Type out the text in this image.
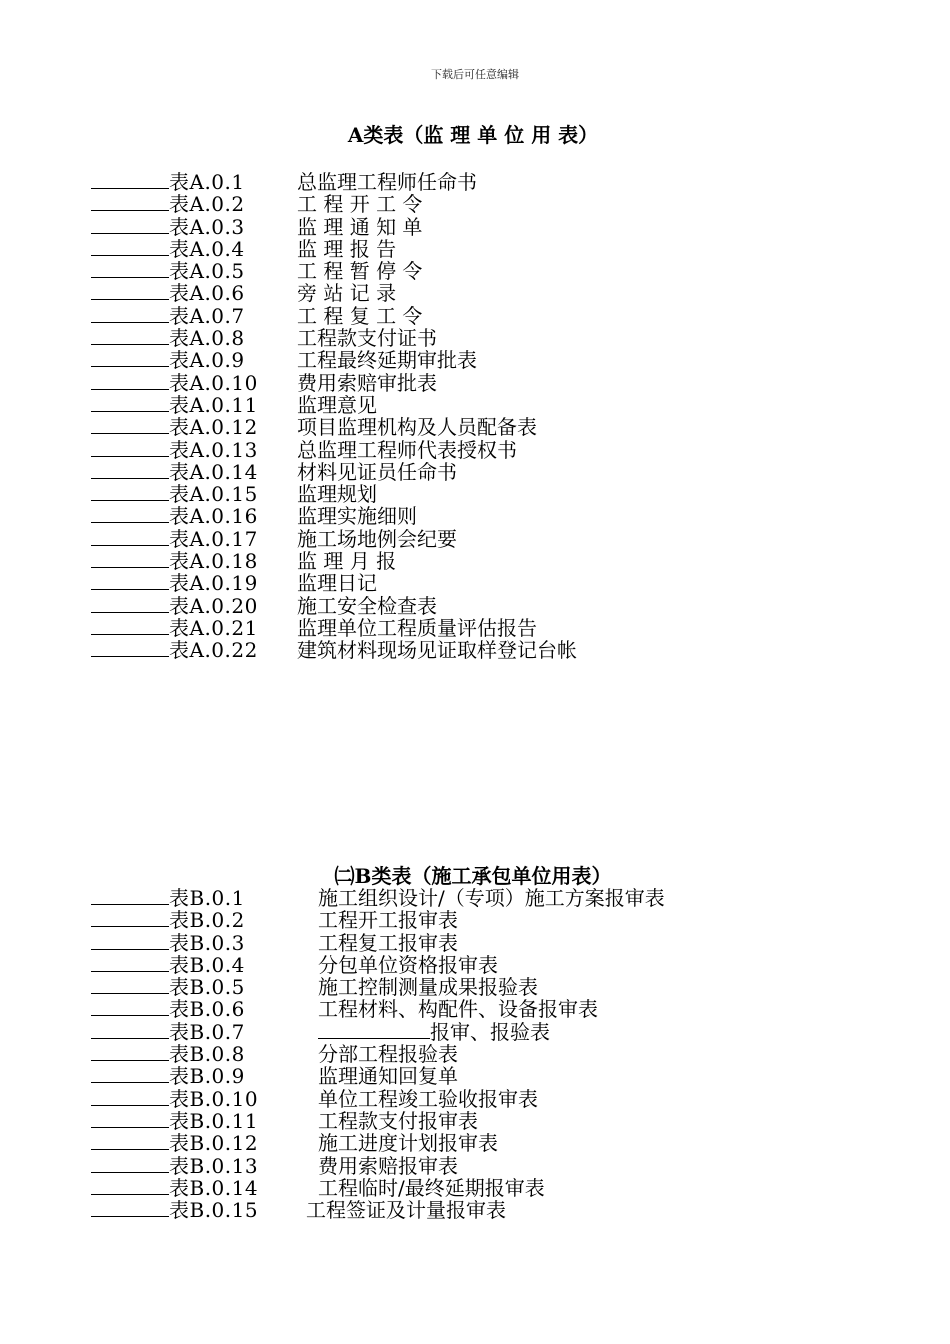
下载后可任意编辑
A类表（监 理 单 位 用 表）
表A.0.1	总监理工程师任命书
表A.0.2	工 程 开 工 令
表A.0.3	监 理 通 知 单
表A.0.4	监 理 报 告
表A.0.5	工 程 暂 停 令
表A.0.6	旁 站 记 录
表A.0.7	工 程 复 工 令
表A.0.8	工程款支付证书
表A.0.9	工程最终延期审批表
表A.0.10	费用索赔审批表
表A.0.11	监理意见
表A.0.12	项目监理机构及人员配备表
表A.0.13	总监理工程师代表授权书
表A.0.14	材料见证员任命书
表A.0.15	监理规划
表A.0.16	监理实施细则
表A.0.17	施工场地例会纪要
表A.0.18	监 理 月 报
表A.0.19	监理日记
表A.0.20	施工安全检查表
表A.0.21	监理单位工程质量评估报告
表A.0.22	建筑材料现场见证取样登记台帐
㈡B类表（施工承包单位用表）
表B.0.1	施工组织设计/（专项）施工方案报审表
表B.0.2	工程开工报审表
表B.0.3	工程复工报审表
表B.0.4	分包单位资格报审表
表B.0.5	施工控制测量成果报验表
表B.0.6	工程材料、构配件、设备报审表
表B.0.7	报审、报验表
表B.0.8	分部工程报验表
表B.0.9	监理通知回复单
表B.0.10	单位工程竣工验收报审表
表B.0.11	工程款支付报审表
表B.0.12	施工进度计划报审表
表B.0.13	费用索赔报审表
表B.0.14	工程临时/最终延期报审表
表B.0.15	工程签证及计量报审表
